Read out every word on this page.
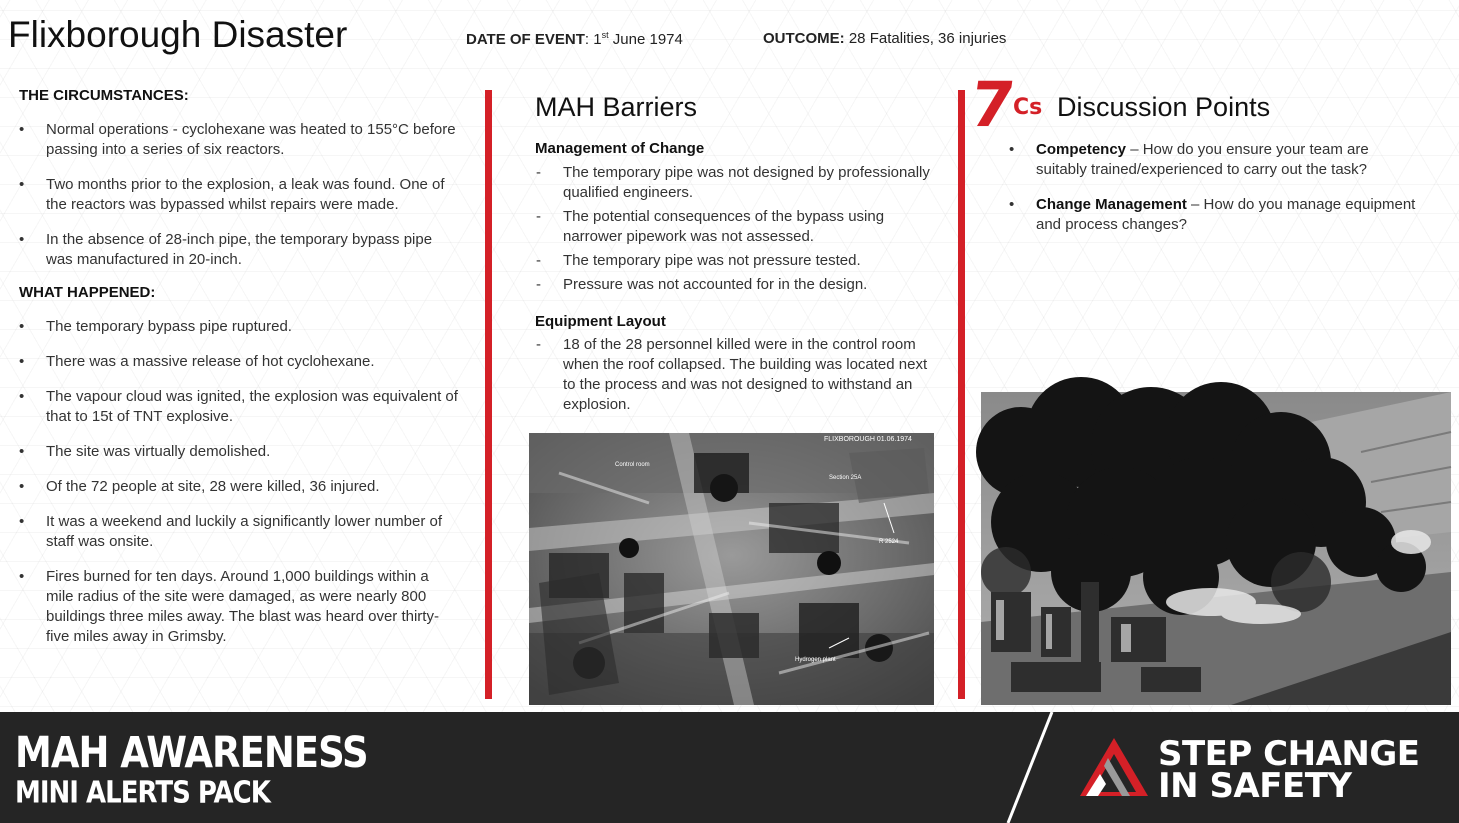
Flixborough Disaster	DATE OF EVENT: 1st June 1974	OUTCOME: 28 Fatalities, 36 injuries
THE CIRCUMSTANCES:
• Normal operations - cyclohexane was heated to 155°C before passing into a series of six reactors.
• Two months prior to the explosion, a leak was found. One of the reactors was bypassed whilst repairs were made.
• In the absence of 28-inch pipe, the temporary bypass pipe was manufactured in 20-inch.
WHAT HAPPENED:
• The temporary bypass pipe ruptured.
• There was a massive release of hot cyclohexane.
• The vapour cloud was ignited, the explosion was equivalent of that to 15t of TNT explosive.
• The site was virtually demolished.
• Of the 72 people at site, 28 were killed, 36 injured.
• It was a weekend and luckily a significantly lower number of staff was onsite.
• Fires burned for ten days. Around 1,000 buildings within a mile radius of the site were damaged, as were nearly 800 buildings three miles away. The blast was heard over thirty-five miles away in Grimsby.
MAH Barriers
Management of Change
- The temporary pipe was not designed by professionally qualified engineers.
- The potential consequences of the bypass using narrower pipework was not assessed.
- The temporary pipe was not pressure tested.
- Pressure was not accounted for in the design.
Equipment Layout
- 18 of the 28 personnel killed were in the control room when the roof collapsed. The building was located next to the process and was not designed to withstand an explosion.
FLIXBOROUGH 01.06.1974
Control room
Section 25A
R 2524
Hydrogen plant
7
Cs Discussion Points
• Competency – How do you ensure your team are suitably trained/experienced to carry out the task?
• Change Management – How do you manage equipment and process changes?
MAH AWARENESS
MINI ALERTS PACK
STEP CHANGE
IN SAFETY
